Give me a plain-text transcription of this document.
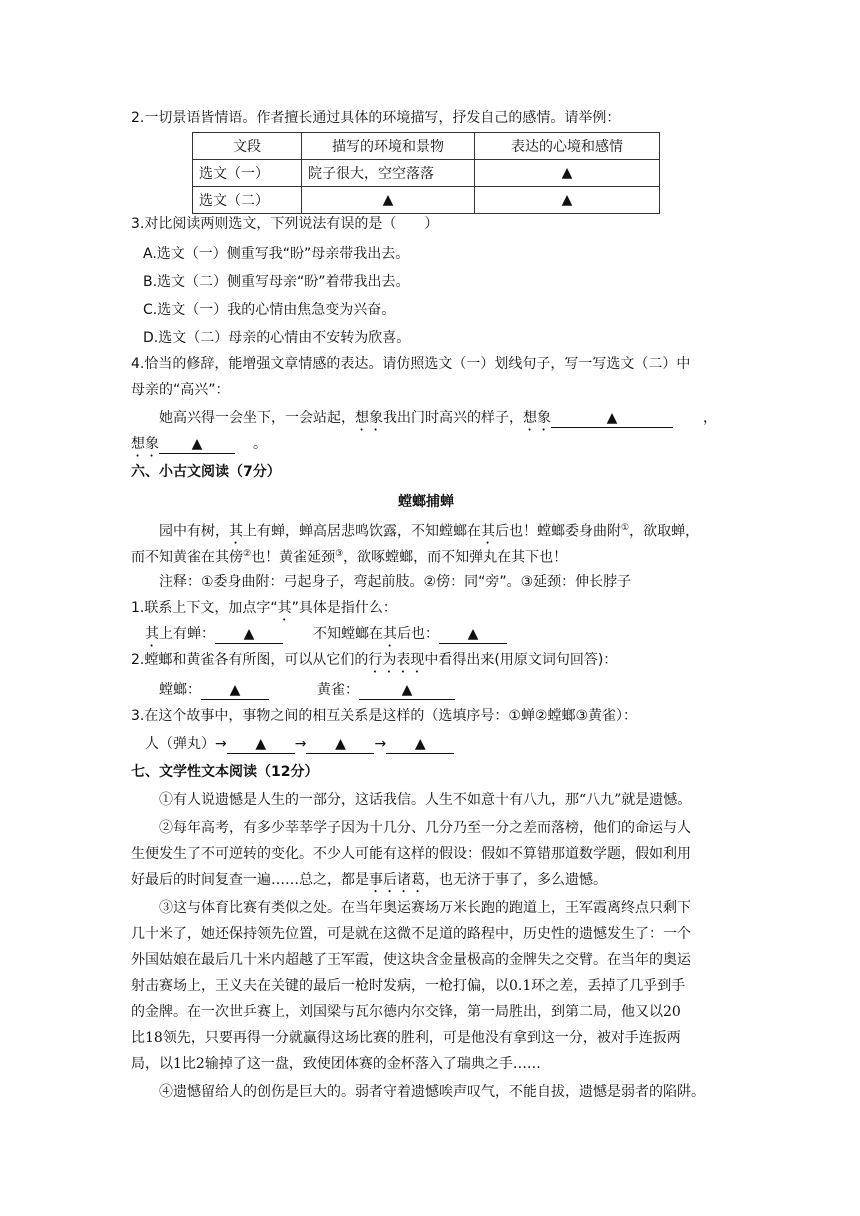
2.一切景语皆情语。作者擅长通过具体的环境描写，抒发自己的感情。请举例：
文段	描写的环境和景物	表达的心境和感情
选文（一）	院子很大，空空落落	▲
选文（二）	▲	▲
3.对比阅读两则选文，下列说法有误的是（　　）
A.选文（一）侧重写我“盼”母亲带我出去。
B.选文（二）侧重写母亲“盼”着带我出去。
C.选文（一）我的心情由焦急变为兴奋。
D.选文（二）母亲的心情由不安转为欣喜。
4.恰当的修辞，能增强文章情感的表达。请仿照选文（一）划线句子，写一写选文（二）中
母亲的“高兴”：
她高兴得一会坐下，一会站起，想象我出门时高兴的样子，想象	▲	，
想象 ▲	。
六、小古文阅读（7分）
螳螂捕蝉
园中有树，其上有蝉，蝉高居悲鸣饮露，不知螳螂在其后也！螳螂委身曲附①，欲取蝉，
而不知黄雀在其傍②也！黄雀延颈③，欲啄螳螂，而不知弹丸在其下也！
注释：①委身曲附：弓起身子，弯起前肢。②傍：同“旁”。③延颈：伸长脖子
1.联系上下文，加点字“其”具体是指什么：
其上有蝉： ▲	不知螳螂在其后也： ▲
2.螳螂和黄雀各有所图，可以从它们的行为表现中看得出来(用原文词句回答)：
螳螂： ▲	黄雀：	▲
3.在这个故事中，事物之间的相互关系是这样的（选填序号：①蝉②螳螂③黄雀）：
人（弹丸）→ ▲ → ▲ → ▲
七、文学性文本阅读（12分）
①有人说遗憾是人生的一部分，这话我信。人生不如意十有八九，那“八九”就是遗憾。
②每年高考，有多少莘莘学子因为十几分、几分乃至一分之差而落榜，他们的命运与人
生便发生了不可逆转的变化。不少人可能有这样的假设：假如不算错那道数学题，假如利用
好最后的时间复查一遍……总之，都是事后诸葛，也无济于事了，多么遗憾。
③这与体育比赛有类似之处。在当年奥运赛场万米长跑的跑道上，王军霞离终点只剩下
几十米了，她还保持领先位置，可是就在这微不足道的路程中，历史性的遗憾发生了：一个
外国姑娘在最后几十米内超越了王军霞，使这块含金量极高的金牌失之交臂。在当年的奥运
射击赛场上，王义夫在关键的最后一枪时发病，一枪打偏，以0.1环之差，丢掉了几乎到手
的金牌。在一次世乒赛上，刘国梁与瓦尔德内尔交锋，第一局胜出，到第二局，他又以20
比18领先，只要再得一分就赢得这场比赛的胜利，可是他没有拿到这一分，被对手连扳两
局，以1比2输掉了这一盘，致使团体赛的金杯落入了瑞典之手……
④遗憾留给人的创伤是巨大的。弱者守着遗憾唉声叹气，不能自拔，遗憾是弱者的陷阱。
